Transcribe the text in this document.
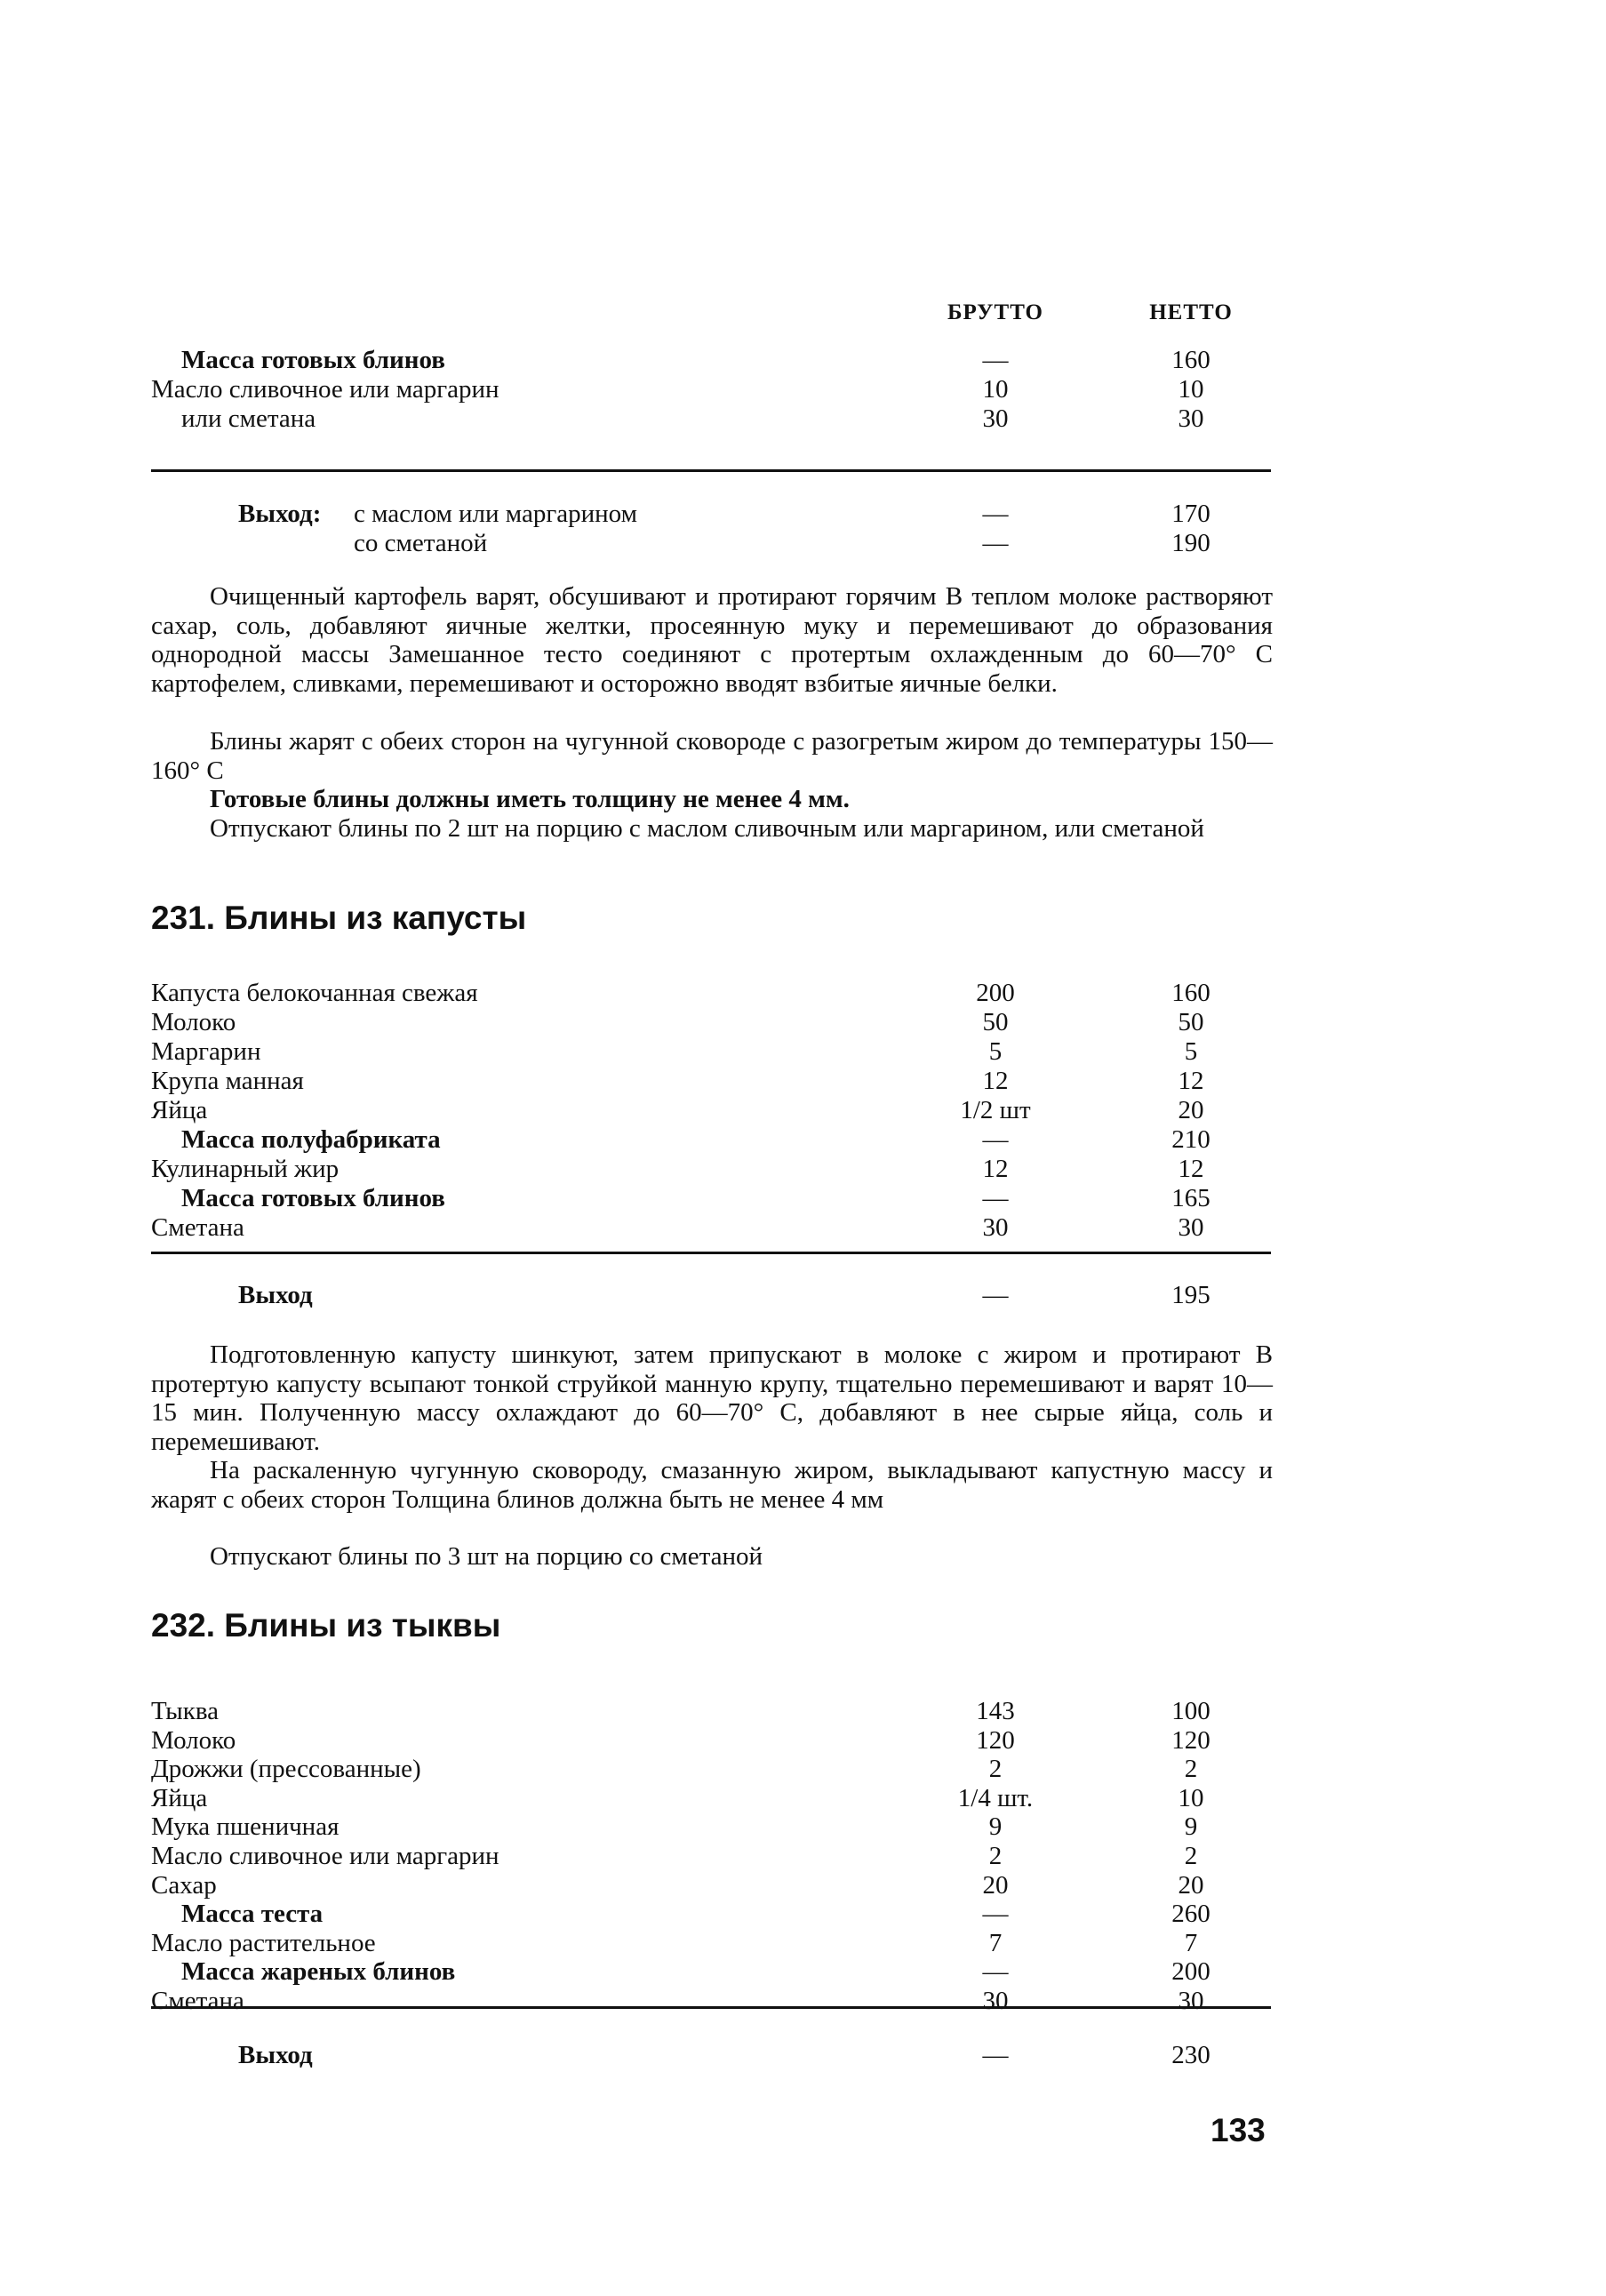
БРУТТО	НЕТТО
Масса готовых блинов	—	160
Масло сливочное или маргарин	10	10
или сметана	30	30
Выход: с маслом или маргарином	—	170
со сметаной	—	190
Очищенный картофель варят, обсушивают и протирают горячим В теплом молоке растворяют сахар, соль, добавляют яичные желтки, просеянную муку и перемешивают до образования однородной массы Замешанное тесто соединяют с протертым охлажденным до 60—70° С картофелем, сливками, перемешивают и осторожно вводят взбитые яичные белки.
Блины жарят с обеих сторон на чугунной сковороде с разогретым жиром до температуры 150—160° С
Готовые блины должны иметь толщину не менее 4 мм.
Отпускают блины по 2 шт на порцию с маслом сливочным или маргарином, или сметаной
231. Блины из капусты
Капуста белокочанная свежая	200	160
Молоко	50	50
Маргарин	5	5
Крупа манная	12	12
Яйца	1/2 шт	20
Масса полуфабриката	—	210
Кулинарный жир	12	12
Масса готовых блинов	—	165
Сметана	30	30
Выход	—	195
Подготовленную капусту шинкуют, затем припускают в молоке с жиром и протирают В протертую капусту всыпают тонкой струйкой манную крупу, тщательно перемешивают и варят 10—15 мин. Полученную массу охлаждают до 60—70° С, добавляют в нее сырые яйца, соль и перемешивают.
На раскаленную чугунную сковороду, смазанную жиром, выкладывают капустную массу и жарят с обеих сторон Толщина блинов должна быть не менее 4 мм
Отпускают блины по 3 шт на порцию со сметаной
232. Блины из тыквы
Тыква	143	100
Молоко	120	120
Дрожжи (прессованные)	2	2
Яйца	1/4 шт.	10
Мука пшеничная	9	9
Масло сливочное или маргарин	2	2
Сахар	20	20
Масса теста	—	260
Масло растительное	7	7
Масса жареных блинов	—	200
Сметана	30	30
Выход	—	230
133
